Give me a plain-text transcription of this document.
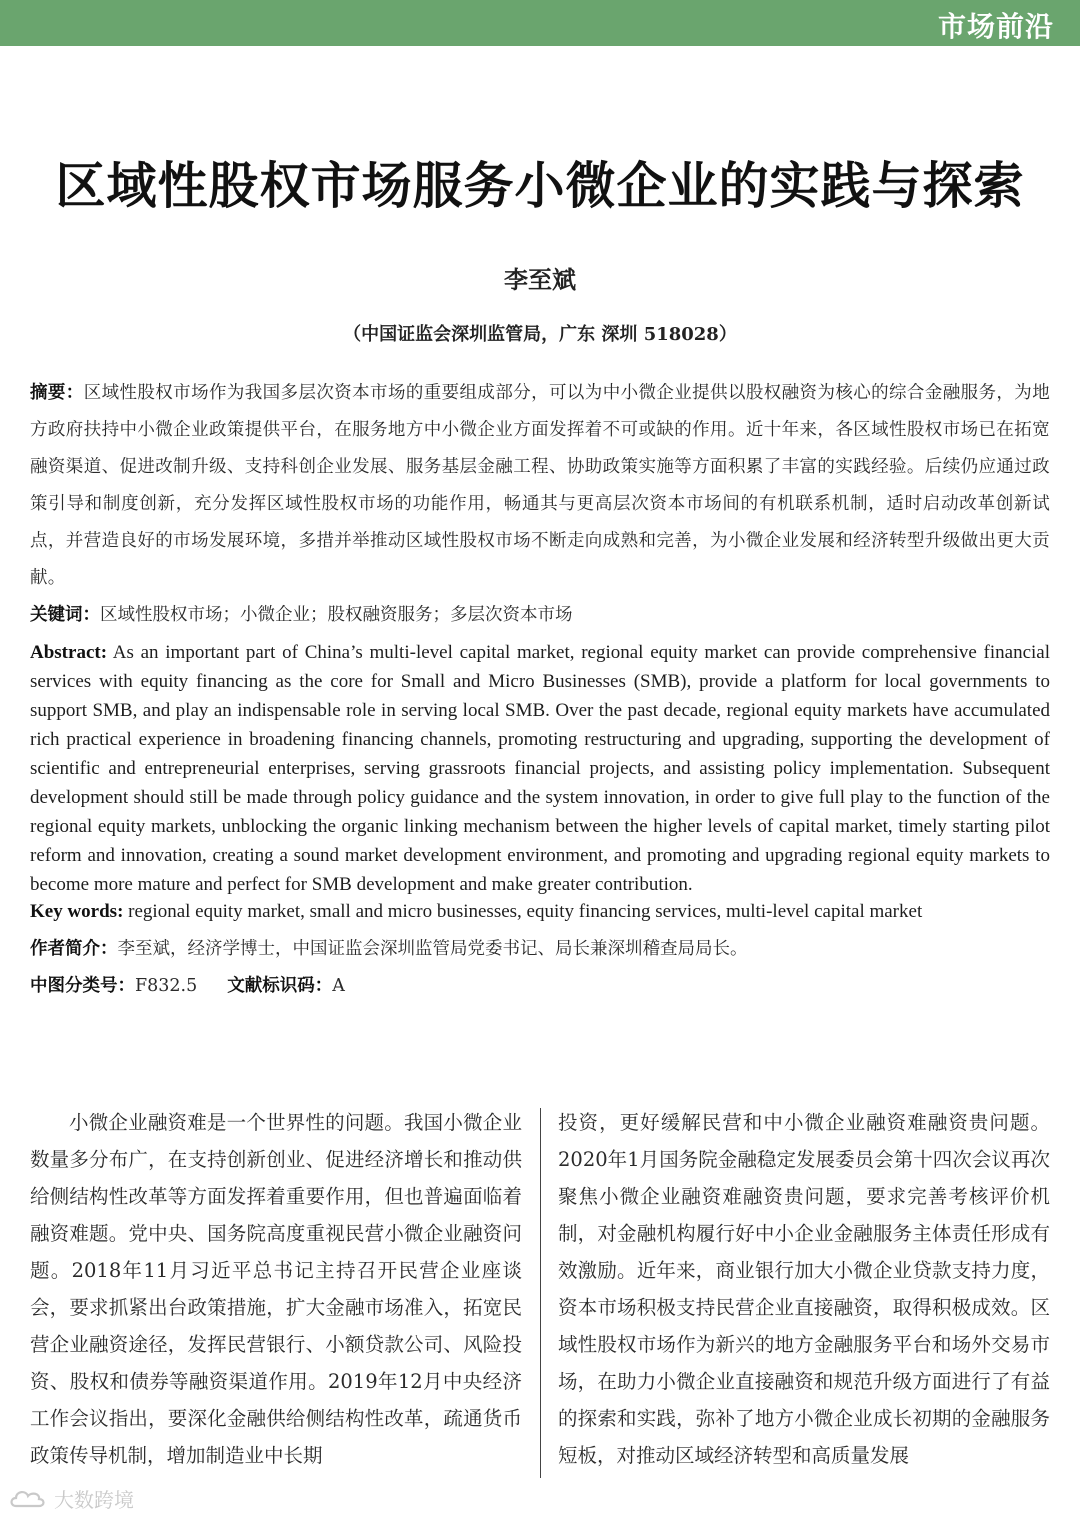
市场前沿
区域性股权市场服务小微企业的实践与探索
李至斌
（中国证监会深圳监管局，广东 深圳 518028）
摘要：区域性股权市场作为我国多层次资本市场的重要组成部分，可以为中小微企业提供以股权融资为核心的综合金融服务，为地方政府扶持中小微企业政策提供平台，在服务地方中小微企业方面发挥着不可或缺的作用。近十年来，各区域性股权市场已在拓宽融资渠道、促进改制升级、支持科创企业发展、服务基层金融工程、协助政策实施等方面积累了丰富的实践经验。后续仍应通过政策引导和制度创新，充分发挥区域性股权市场的功能作用，畅通其与更高层次资本市场间的有机联系机制，适时启动改革创新试点，并营造良好的市场发展环境，多措并举推动区域性股权市场不断走向成熟和完善，为小微企业发展和经济转型升级做出更大贡献。
关键词：区域性股权市场；小微企业；股权融资服务；多层次资本市场
Abstract: As an important part of China’s multi-level capital market, regional equity market can provide comprehensive financial services with equity financing as the core for Small and Micro Businesses (SMB), provide a platform for local governments to support SMB, and play an indispensable role in serving local SMB. Over the past decade, regional equity markets have accumulated rich practical experience in broadening financing channels, promoting restructuring and upgrading, supporting the development of scientific and entrepreneurial enterprises, serving grassroots financial projects, and assisting policy implementation. Subsequent development should still be made through policy guidance and the system innovation, in order to give full play to the function of the regional equity markets, unblocking the organic linking mechanism between the higher levels of capital market, timely starting pilot reform and innovation, creating a sound market development environment, and promoting and upgrading regional equity markets to become more mature and perfect for SMB development and make greater contribution.
Key words: regional equity market, small and micro businesses, equity financing services, multi-level capital market
作者简介：李至斌，经济学博士，中国证监会深圳监管局党委书记、局长兼深圳稽查局局长。
中图分类号：F832.5 文献标识码：A
小微企业融资难是一个世界性的问题。我国小微企业数量多分布广，在支持创新创业、促进经济增长和推动供给侧结构性改革等方面发挥着重要作用，但也普遍面临着融资难题。党中央、国务院高度重视民营小微企业融资问题。2018年11月习近平总书记主持召开民营企业座谈会，要求抓紧出台政策措施，扩大金融市场准入，拓宽民营企业融资途径，发挥民营银行、小额贷款公司、风险投资、股权和债券等融资渠道作用。2019年12月中央经济工作会议指出，要深化金融供给侧结构性改革，疏通货币政策传导机制，增加制造业中长期
投资，更好缓解民营和中小微企业融资难融资贵问题。2020年1月国务院金融稳定发展委员会第十四次会议再次聚焦小微企业融资难融资贵问题，要求完善考核评价机制，对金融机构履行好中小企业金融服务主体责任形成有效激励。近年来，商业银行加大小微企业贷款支持力度，资本市场积极支持民营企业直接融资，取得积极成效。区域性股权市场作为新兴的地方金融服务平台和场外交易市场，在助力小微企业直接融资和规范升级方面进行了有益的探索和实践，弥补了地方小微企业成长初期的金融服务短板，对推动区域经济转型和高质量发展
大数跨境
